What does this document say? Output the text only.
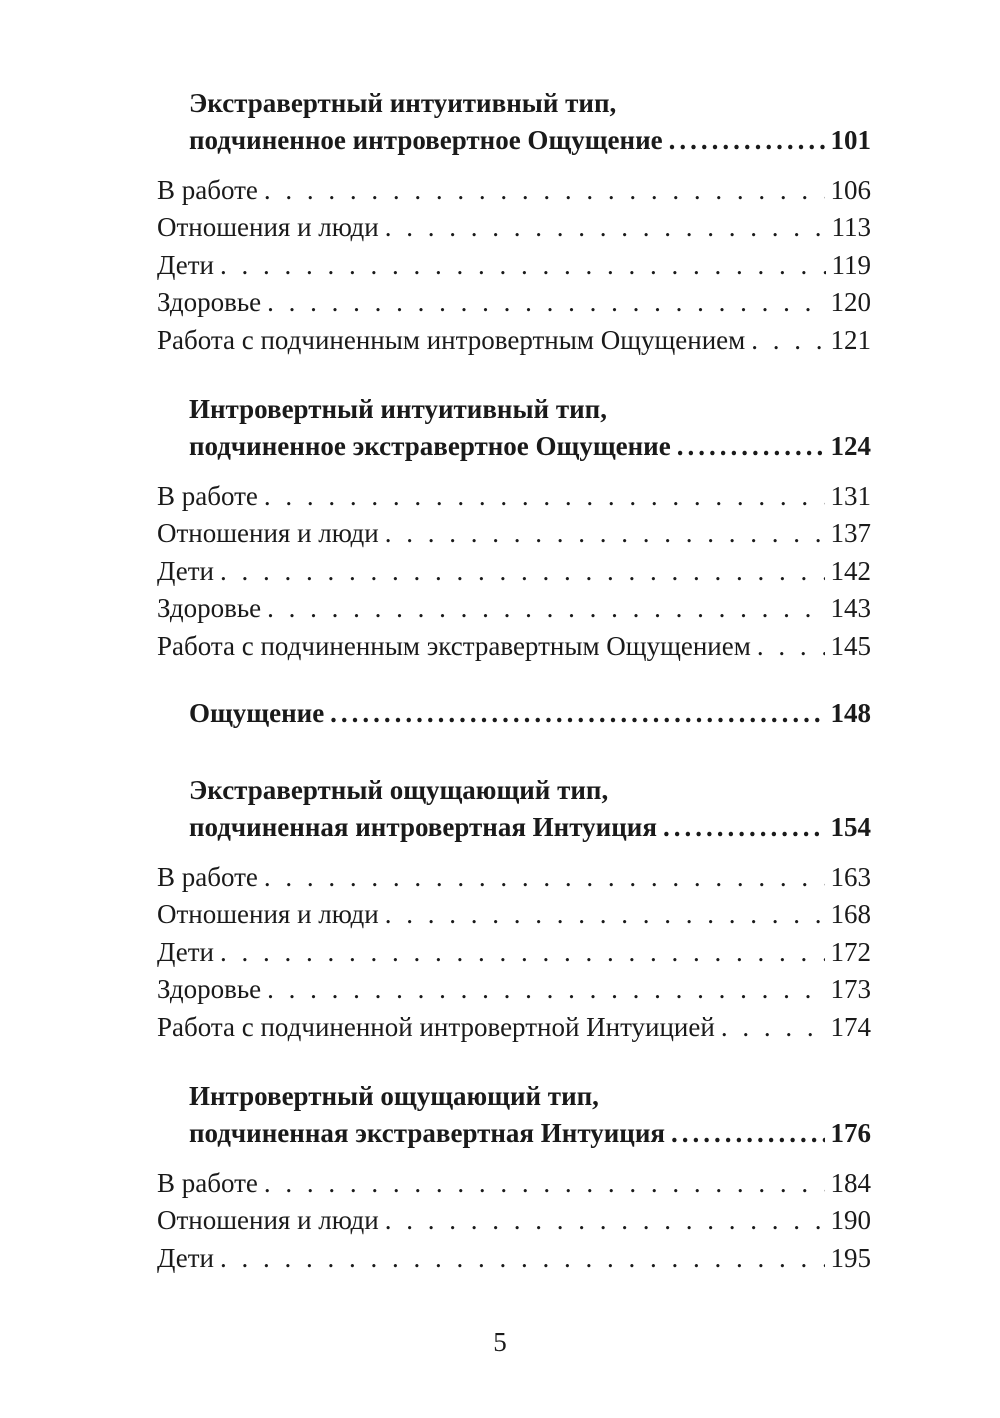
Экстравертный интуитивный тип,
подчиненное интровертное Ощущение .....	101
В работе . . .	106
Отношения и люди . . .	113
Дети . . .	119
Здоровье . . .	120
Работа с подчиненным интровертным Ощущением . . .	121
Интровертный интуитивный тип,
подчиненное экстравертное Ощущение .....	124
В работе . . .	131
Отношения и люди . . .	137
Дети . . .	142
Здоровье . . .	143
Работа с подчиненным экстравертным Ощущением . . .	145
Ощущение .....	148
Экстравертный ощущающий тип,
подчиненная интровертная Интуиция .....	154
В работе . . .	163
Отношения и люди . . .	168
Дети . . .	172
Здоровье . . .	173
Работа с подчиненной интровертной Интуицией . . .	174
Интровертный ощущающий тип,
подчиненная экстравертная Интуиция .....	176
В работе . . .	184
Отношения и люди . . .	190
Дети . . .	195
5
